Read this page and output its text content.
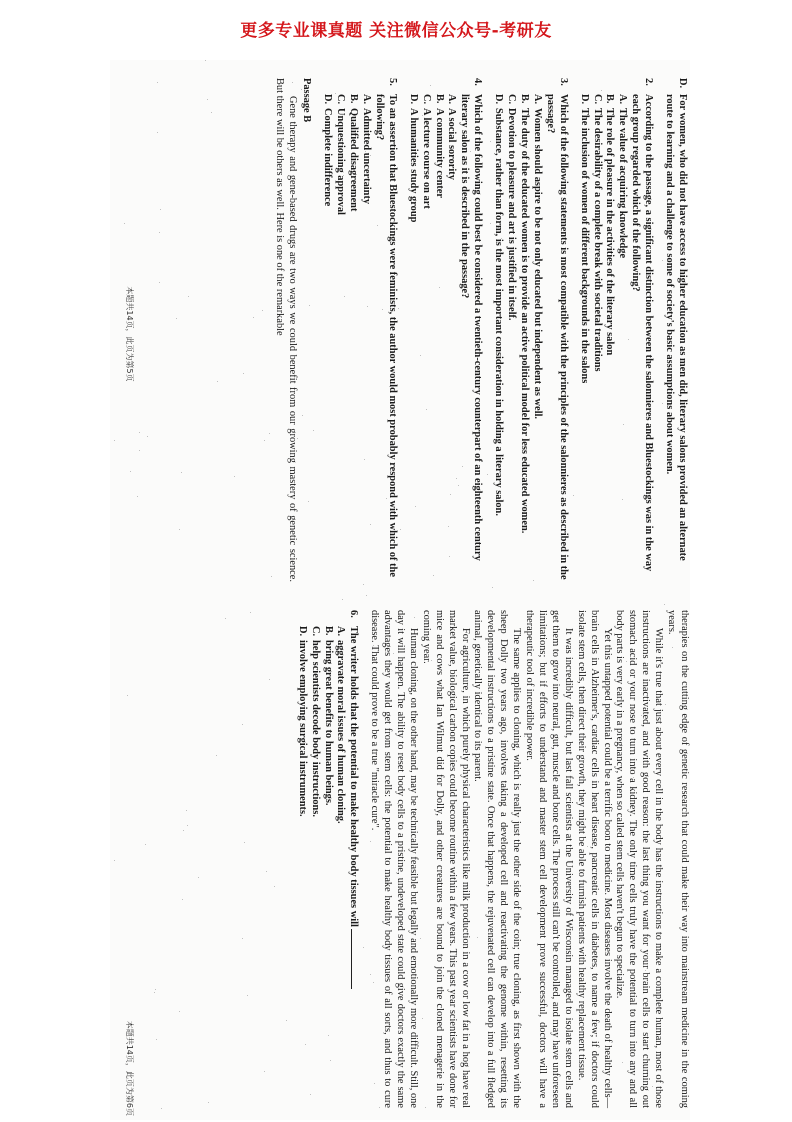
更多专业课真题 关注微信公众号-考研友
D.
For women, who did not have access to higher education as men did, literary salons provided an alternate route to learning and a challenge to some of society's basic assumptions about women.
2.

According to the passage, a significant distinction between the salonnieres and Bluestockings was in the way each group regarded which of the following?

A.
The value of acquiring knowledge
B.
The role of pleasure in the activities of the literary salon
C.
The desirability of a complete break with societal traditions
D.
The inclusion of women of different backgrounds in the salons
3.

Which of the following statements is most compatible with the principles of the salonnieres as described in the passage?

A.
Women should aspire to be not only educated but independent as well.
B.
The duty of the educated women is to provide an active political model for less educated women.
C.
Devotion to pleasure and art is justified in itself.
D.
Substance, rather than form, is the most important consideration in holding a literary salon.
4.

Which of the following could best be considered a twentieth-century counterpart of an eighteenth century literary salon as it is described in the passage?

A.
A social sorority
B.
A community center
C.
A lecture course on art
D.
A humanities study group
5.

To an assertion that Bluestockings were feminists, the author would most probably respond with which of the following?

A.
Admitted uncertainty
B.
Qualified disagreement
C.
Unquestioning approval
D.
Complete indifference
Passage B

Gene therapy and gene-based drugs are two ways we could benefit from our growing mastery of genetic science. But there will be others as well. Here is one of the remarkable

本题共14页，此页为第5页

therapies on the cutting edge of genetic research that could make their way into mainstream medicine in the coming years.

While it's true that just about every cell in the body has the instructions to make a complete human, most of those instructions are inactivated, and with good reason: the last thing you want for your brain cells to start churning out stomach acid or your nose to turn into a kidney. The only time cells truly have the potential to turn into any and all body parts is very early in a pregnancy, when so called stem cells haven't begun to specialize.

Yet this untapped potential could be a terrific boon to medicine. Most diseases involve the death of healthy cells—brain cells in Alzheimer's, cardiac cells in heart disease, pancreatic cells in diabetes, to name a few; if doctors could isolate stem cells, then direct their growth, they might be able to furnish patients with healthy replacement tissue.

It was incredibly difficult, but last fall scientists at the University of Wisconsin managed to isolate stem cells and get them to grow into neural, gut, muscle and bone cells. The process still can't be controlled, and may have unforeseen limitations; but if efforts to understand and master stem cell development prove successful, doctors will have a therapeutic tool of incredible power.

The same applies to cloning, which is really just the other side of the coin; true cloning, as first shown with the sheep Dolly two years ago, involves taking a developed cell and reactivating the genome within, resetting its developmental instructions to a pristine state. Once that happens, the rejuvenated cell can develop into a full fledged animal, genetically identical to its parent.

For agriculture, in which purely physical characteristics like milk production in a cow or low fat in a hog have real market value, biological carbon copies could become routine within a few years. This past year scientists have done for mice and cows what Ian Wilmut did for Dolly, and other creatures are bound to join the cloned menagerie in the coming year.

Human cloning, on the other hand, may be technically feasible but legally and emotionally more difficult. Still, one day it will happen. The ability to reset body cells to a pristine, undeveloped state could give doctors exactly the same advantages they would get from stem cells: the potential to make healthy body tissues of all sorts, and thus to cure disease. That could prove to be a true "miracle cure".

6.
The writer holds that the potential to make healthy body tissues will
A.
aggravate moral issues of human cloning.
B.
bring great benefits to human beings.
C.
help scientists decode body instructions.
D.
involve employing surgical instruments.
本题共14页，此页为第6页
